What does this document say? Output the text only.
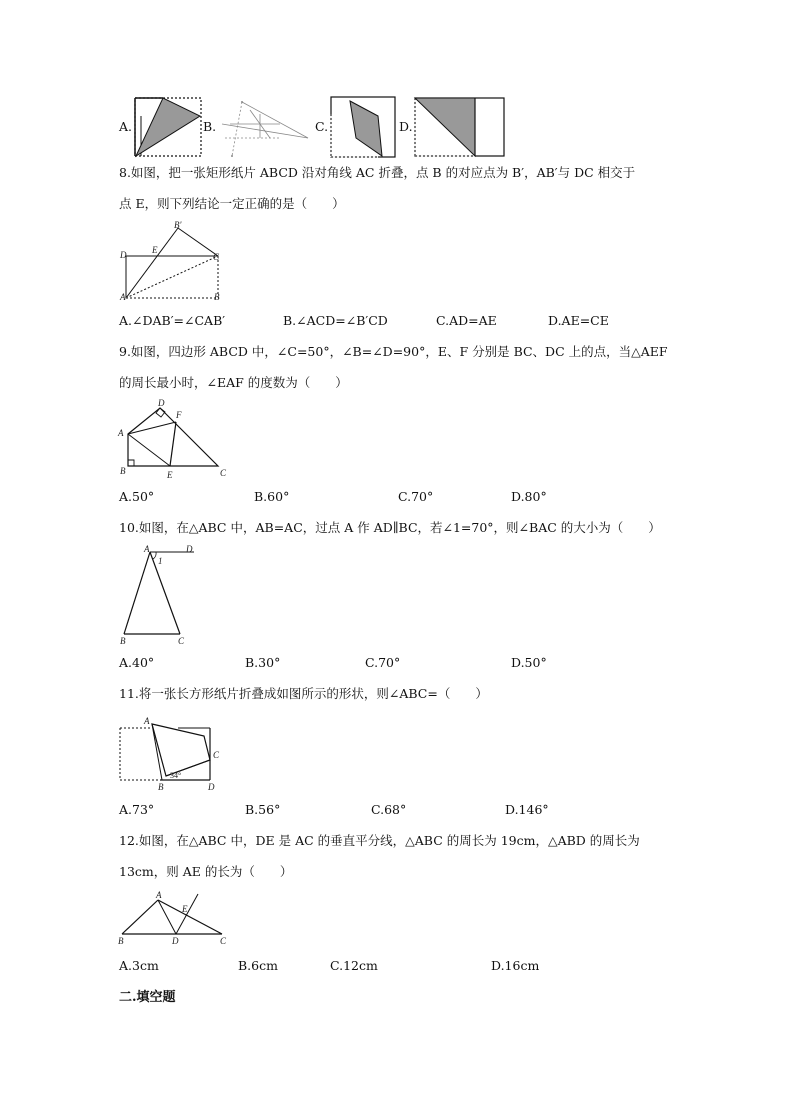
A.	B.	C.	D.
8.如图，把一张矩形纸片 ABCD 沿对角线 AC 折叠，点 B 的对应点为 B′，AB′与 DC 相交于
点 E，则下列结论一定正确的是（　　）
B'
D	E
C
A	B
A.∠DAB′=∠CAB′	B.∠ACD=∠B′CD	C.AD=AE	D.AE=CE
9.如图，四边形 ABCD 中，∠C=50°，∠B=∠D=90°，E、F 分别是 BC、DC 上的点，当△AEF
的周长最小时，∠EAF 的度数为（　　）
D
F
A
B	E	C
A.50°	B.60°	C.70°	D.80°
10.如图，在△ABC 中，AB=AC，过点 A 作 AD∥BC，若∠1=70°，则∠BAC 的大小为（　　）
A	D
1
B	C
A.40°	B.30°	C.70°	D.50°
11.将一张长方形纸片折叠成如图所示的形状，则∠ABC=（　　）
A
C
B	D
34°
A.73°	B.56°	C.68°	D.146°
12.如图，在△ABC 中，DE 是 AC 的垂直平分线，△ABC 的周长为 19cm，△ABD 的周长为
13cm，则 AE 的长为（　　）
A
E
B	D	C
A.3cm	B.6cm	C.12cm	D.16cm
二.填空题
